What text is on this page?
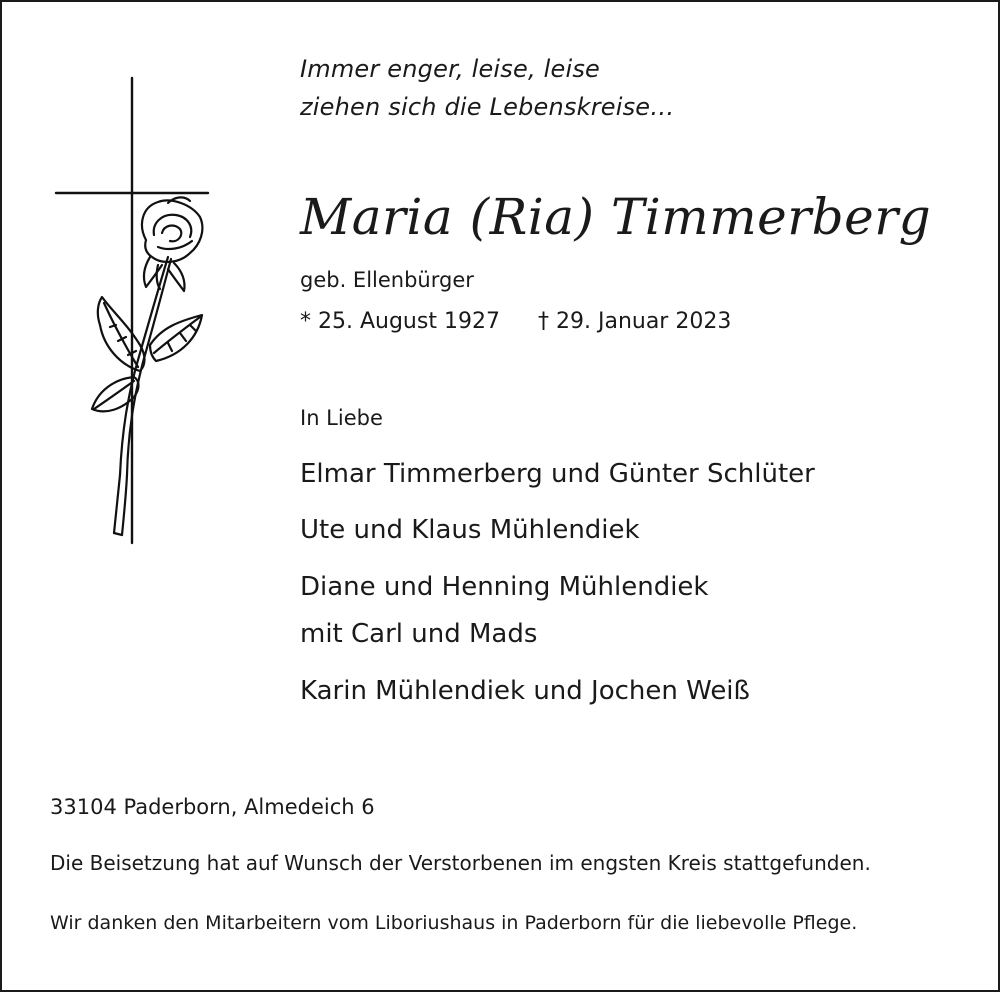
Immer enger, leise, leise
ziehen sich die Lebenskreise…
Maria (Ria) Timmerberg
geb. Ellenbürger
* 25. August 1927 † 29. Januar 2023
In Liebe
Elmar Timmerberg und Günter Schlüter
Ute und Klaus Mühlendiek
Diane und Henning Mühlendiek
mit Carl und Mads
Karin Mühlendiek und Jochen Weiß
33104 Paderborn, Almedeich 6
Die Beisetzung hat auf Wunsch der Verstorbenen im engsten Kreis stattgefunden.
Wir danken den Mitarbeitern vom Liboriushaus in Paderborn für die liebevolle Pflege.
